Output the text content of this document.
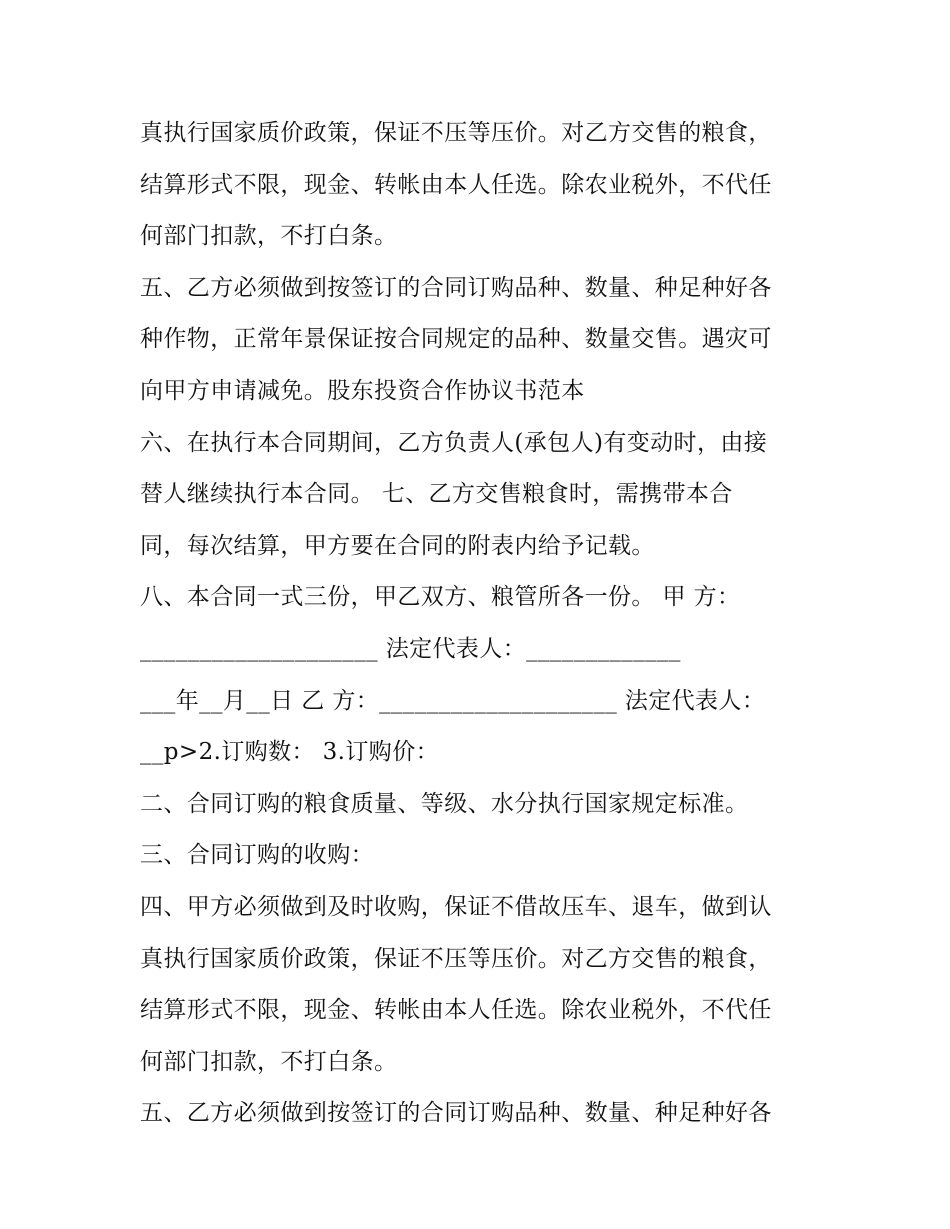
真执行国家质价政策，保证不压等压价。对乙方交售的粮食，
结算形式不限，现金、转帐由本人任选。除农业税外，不代任
何部门扣款，不打白条。
五、乙方必须做到按签订的合同订购品种、数量、种足种好各
种作物，正常年景保证按合同规定的品种、数量交售。遇灾可
向甲方申请减免。股东投资合作协议书范本
六、在执行本合同期间，乙方负责人(承包人)有变动时，由接
替人继续执行本合同。 七、乙方交售粮食时，需携带本合
同，每次结算，甲方要在合同的附表内给予记载。
八、本合同一式三份，甲乙双方、粮管所各一份。 甲 方：
____________________ 法定代表人：_____________
___年__月__日 乙 方：____________________ 法定代表人：
__p>2.订购数： 3.订购价：
二、合同订购的粮食质量、等级、水分执行国家规定标准。
三、合同订购的收购：
四、甲方必须做到及时收购，保证不借故压车、退车，做到认
真执行国家质价政策，保证不压等压价。对乙方交售的粮食，
结算形式不限，现金、转帐由本人任选。除农业税外，不代任
何部门扣款，不打白条。
五、乙方必须做到按签订的合同订购品种、数量、种足种好各
